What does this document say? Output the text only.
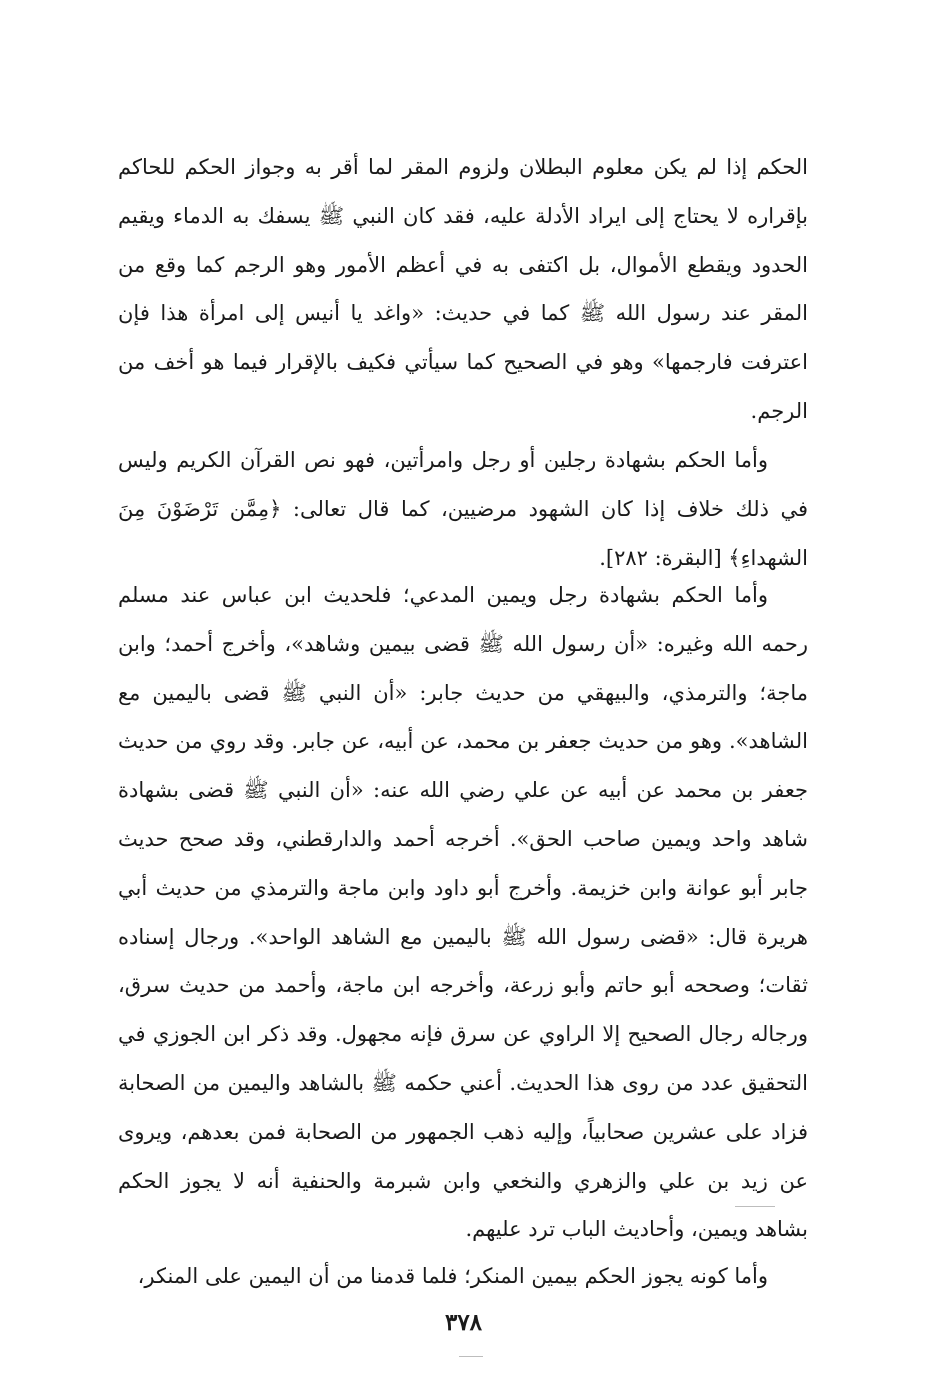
الحكم إذا لم يكن معلوم البطلان ولزوم المقر لما أقر به وجواز الحكم للحاكم بإقراره لا يحتاج إلى ايراد الأدلة عليه، فقد كان النبي ﷺ يسفك به الدماء ويقيم الحدود ويقطع الأموال، بل اكتفى به في أعظم الأمور وهو الرجم كما وقع من المقر عند رسول الله ﷺ كما في حديث: «واغد يا أنيس إلى امرأة هذا فإن اعترفت فارجمها» وهو في الصحيح كما سيأتي فكيف بالإقرار فيما هو أخف من الرجم.

وأما الحكم بشهادة رجلين أو رجل وامرأتين، فهو نص القرآن الكريم وليس في ذلك خلاف إذا كان الشهود مرضيين، كما قال تعالى: ﴿مِمَّن تَرْضَوْنَ مِنَ الشهداءِ﴾ [البقرة: ٢٨٢].

وأما الحكم بشهادة رجل ويمين المدعي؛ فلحديث ابن عباس عند مسلم رحمه الله وغيره: «أن رسول الله ﷺ قضى بيمين وشاهد»، وأخرج أحمد؛ وابن ماجة؛ والترمذي، والبيهقي من حديث جابر: «أن النبي ﷺ قضى باليمين مع الشاهد». وهو من حديث جعفر بن محمد، عن أبيه، عن جابر. وقد روي من حديث جعفر بن محمد عن أبيه عن علي رضي الله عنه: «أن النبي ﷺ قضى بشهادة شاهد واحد ويمين صاحب الحق». أخرجه أحمد والدارقطني، وقد صحح حديث جابر أبو عوانة وابن خزيمة. وأخرج أبو داود وابن ماجة والترمذي من حديث أبي هريرة قال: «قضى رسول الله ﷺ باليمين مع الشاهد الواحد». ورجال إسناده ثقات؛ وصححه أبو حاتم وأبو زرعة، وأخرجه ابن ماجة، وأحمد من حديث سرق، ورجاله رجال الصحيح إلا الراوي عن سرق فإنه مجهول. وقد ذكر ابن الجوزي في التحقيق عدد من روى هذا الحديث. أعني حكمه ﷺ بالشاهد واليمين من الصحابة فزاد على عشرين صحابياً، وإليه ذهب الجمهور من الصحابة فمن بعدهم، ويروى عن زيد بن علي والزهري والنخعي وابن شبرمة والحنفية أنه لا يجوز الحكم بشاهد ويمين، وأحاديث الباب ترد عليهم.

وأما كونه يجوز الحكم بيمين المنكر؛ فلما قدمنا من أن اليمين على المنكر،

٣٧٨
